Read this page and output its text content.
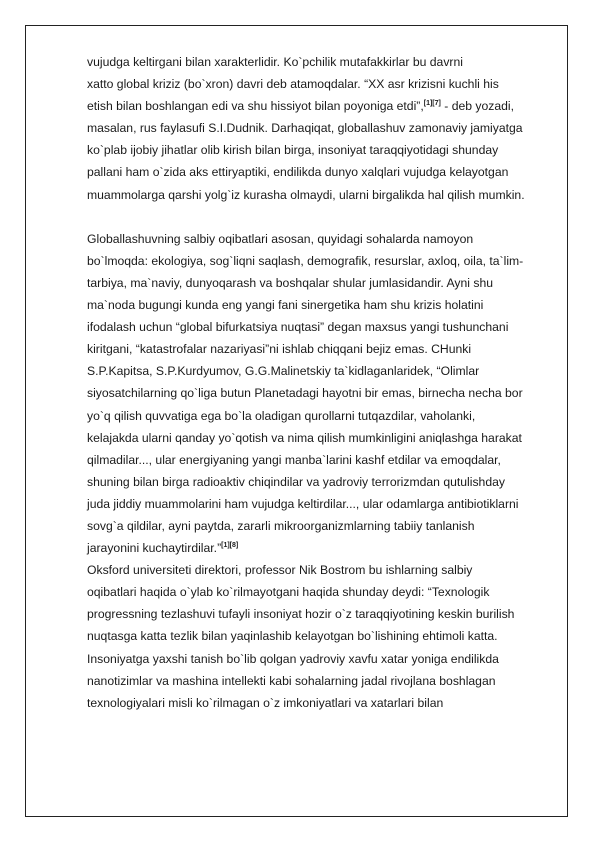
vujudga keltirgani bilan xarakterlidir. Ko`pchilik mutafakkirlar bu davrni
xatto global kriziz (bo`xron) davri deb atamoqdalar. “XX asr krizisni kuchli his
etish bilan boshlangan edi va shu hissiyot bilan poyoniga etdi”,[1][7] - deb yozadi,
masalan, rus faylasufi S.I.Dudnik. Darhaqiqat, globallashuv zamonaviy jamiyatga
ko`plab ijobiy jihatlar olib kirish bilan birga, insoniyat taraqqiyotidagi shunday
pallani ham o`zida aks ettiryaptiki, endilikda dunyo xalqlari vujudga kelayotgan
muammolarga qarshi yolg`iz kurasha olmaydi, ularni birgalikda hal qilish mumkin.
Globallashuvning salbiy oqibatlari asosan, quyidagi sohalarda namoyon
bo`lmoqda: ekologiya, sog`liqni saqlash, demografik, resurslar, axloq, oila, ta`lim-
tarbiya, ma`naviy, dunyoqarash va boshqalar shular jumlasidandir. Ayni shu
ma`noda bugungi kunda eng yangi fani sinergetika ham shu krizis holatini
ifodalash uchun “global bifurkatsiya nuqtasi” degan maxsus yangi tushunchani
kiritgani, “katastrofalar nazariyasi”ni ishlab chiqqani bejiz emas. CHunki
S.P.Kapitsa, S.P.Kurdyumov, G.G.Malinetskiy ta`kidlaganlaridek, “Olimlar
siyosatchilarning qo`liga butun Planetadagi hayotni bir emas, birnecha necha bor
yo`q qilish quvvatiga ega bo`la oladigan qurollarni tutqazdilar, vaholanki,
kelajakda ularni qanday yo`qotish va nima qilish mumkinligini aniqlashga harakat
qilmadilar..., ular energiyaning yangi manba`larini kashf etdilar va emoqdalar,
shuning bilan birga radioaktiv chiqindilar va yadroviy terrorizmdan qutulishday
juda jiddiy muammolarini ham vujudga keltirdilar..., ular odamlarga antibiotiklarni
sovg`a qildilar, ayni paytda, zararli mikroorganizmlarning tabiiy tanlanish
jarayonini kuchaytirdilar.”[1][8]
Oksford universiteti direktori, professor Nik Bostrom bu ishlarning salbiy
oqibatlari haqida o`ylab ko`rilmayotgani haqida shunday deydi: “Texnologik
progressning tezlashuvi tufayli insoniyat hozir o`z taraqqiyotining keskin burilish
nuqtasga katta tezlik bilan yaqinlashib kelayotgan bo`lishining ehtimoli katta.
Insoniyatga yaxshi tanish bo`lib qolgan yadroviy xavfu xatar yoniga endilikda
nanotizimlar va mashina intellekti kabi sohalarning jadal rivojlana boshlagan
texnologiyalari misli ko`rilmagan o`z imkoniyatlari va xatarlari bilan
